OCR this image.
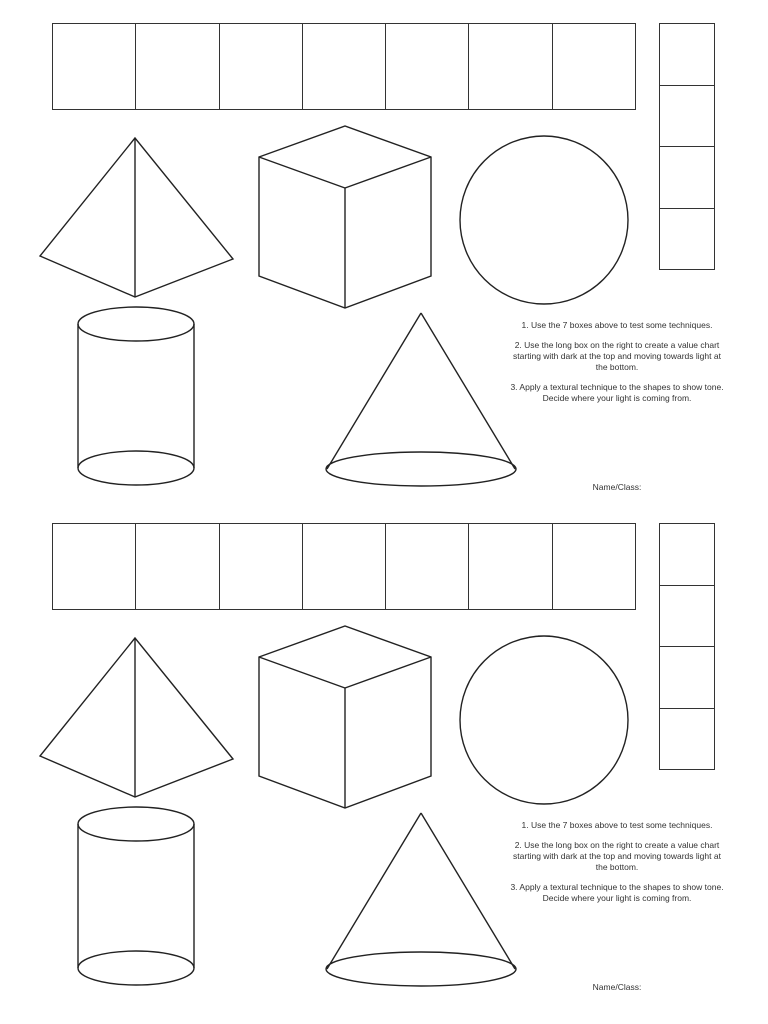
1. Use the 7 boxes above to test some techniques.

2. Use the long box on the right to create a value chart starting with dark at the top and moving towards light at the bottom.

3. Apply a textural technique to the shapes to show tone. Decide where your light is coming from.

Name/Class:

1. Use the 7 boxes above to test some techniques.

2. Use the long box on the right to create a value chart starting with dark at the top and moving towards light at the bottom.

3. Apply a textural technique to the shapes to show tone. Decide where your light is coming from.

Name/Class:
